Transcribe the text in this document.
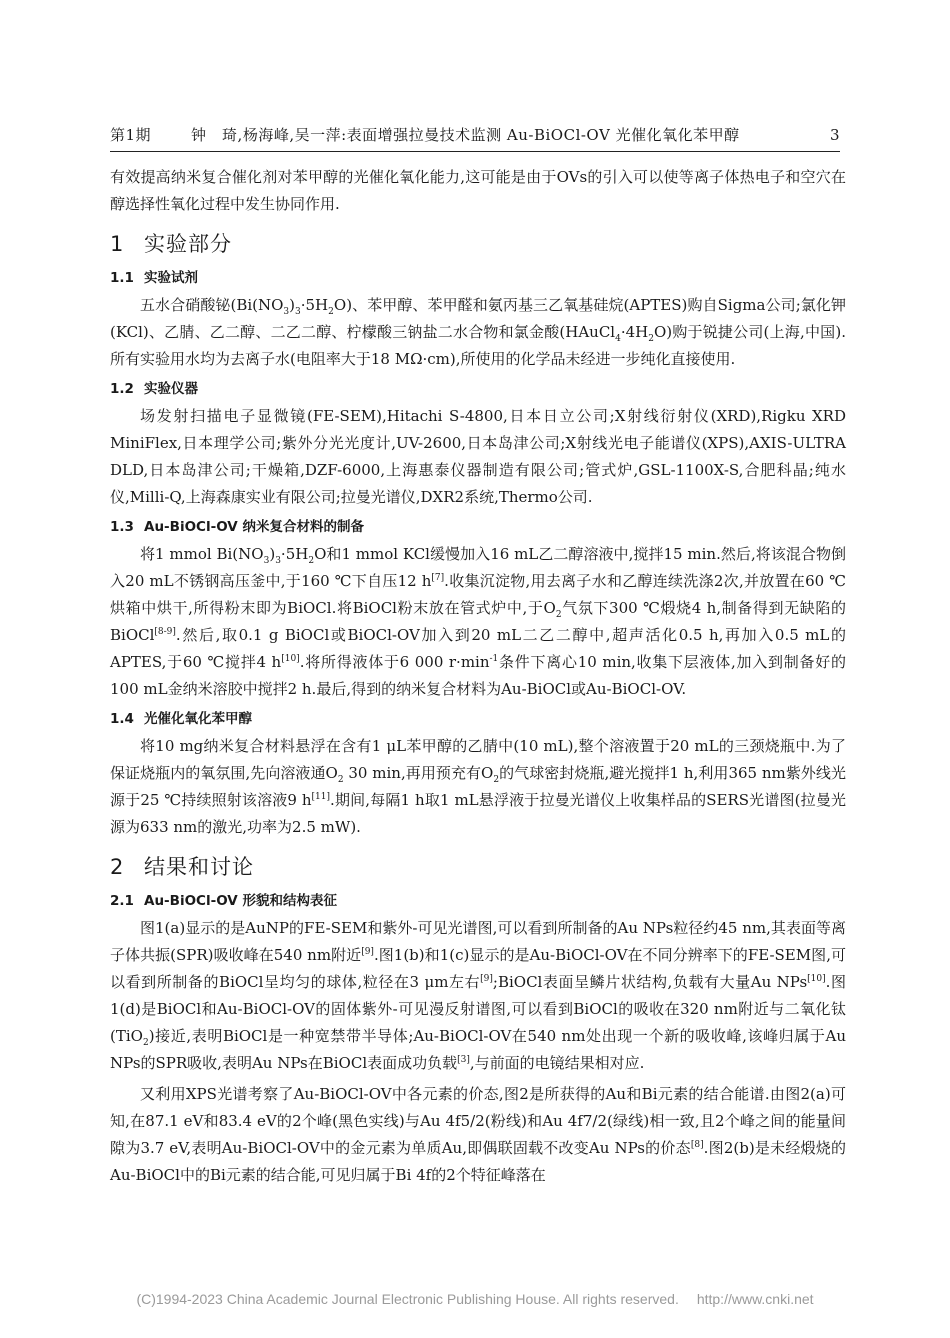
第1期	钟　琦,杨海峰,吴一萍:表面增强拉曼技术监测 Au-BiOCl-OV 光催化氧化苯甲醇	3

有效提高纳米复合催化剂对苯甲醇的光催化氧化能力,这可能是由于OVs的引入可以使等离子体热电子和空穴在醇选择性氧化过程中发生协同作用.

1 实验部分
1.1 实验试剂

五水合硝酸铋$(Bi(NO_3)_3\cdot 5H_2O)$、苯甲醇、苯甲醛和氨丙基三乙氧基硅烷(APTES)购自Sigma公司;氯化钾(KCl)、乙腈、乙二醇、二乙二醇、柠檬酸三钠盐二水合物和氯金酸$(HAuCl_4\cdot 4H_2O)$购于锐捷公司(上海,中国).所有实验用水均为去离子水(电阻率大于18 MΩ·cm),所使用的化学品未经进一步纯化直接使用.

1.2 实验仪器

场发射扫描电子显微镜(FE-SEM),Hitachi S-4800,日本日立公司;X射线衍射仪(XRD),Rigku XRD MiniFlex,日本理学公司;紫外分光光度计,UV-2600,日本岛津公司;X射线光电子能谱仪(XPS),AXIS-ULTRA DLD,日本岛津公司;干燥箱,DZF-6000,上海惠泰仪器制造有限公司;管式炉,GSL-1100X-S,合肥科晶;纯水仪,Milli-Q,上海森康实业有限公司;拉曼光谱仪,DXR2系统,Thermo公司.

1.3 Au-BiOCl-OV 纳米复合材料的制备

将1 mmol $Bi(NO_3)_3\cdot 5H_2O$和1 mmol KCl缓慢加入16 mL乙二醇溶液中,搅拌15 min.然后,将该混合物倒入20 mL不锈钢高压釜中,于160 ℃下自压12 h[7].收集沉淀物,用去离子水和乙醇连续洗涤2次,并放置在60 ℃烘箱中烘干,所得粉末即为BiOCl.将BiOCl粉末放在管式炉中,于$O_2$气氛下300 ℃煅烧4 h,制备得到无缺陷的BiOCl[8-9].然后,取0.1 g BiOCl或BiOCl-OV加入到20 mL二乙二醇中,超声活化0.5 h,再加入0.5 mL的APTES,于60 ℃搅拌4 h[10].将所得液体于6 000 $r\cdot\min^{-1}$条件下离心10 min,收集下层液体,加入到制备好的100 mL金纳米溶胶中搅拌2 h.最后,得到的纳米复合材料为Au-BiOCl或Au-BiOCl-OV.

1.4 光催化氧化苯甲醇

将10 mg纳米复合材料悬浮在含有1 μL苯甲醇的乙腈中(10 mL),整个溶液置于20 mL的三颈烧瓶中.为了保证烧瓶内的氧氛围,先向溶液通$O_2$ 30 min,再用预充有$O_2$的气球密封烧瓶,避光搅拌1 h,利用365 nm紫外线光源于25 ℃持续照射该溶液9 h[11].期间,每隔1 h取1 mL悬浮液于拉曼光谱仪上收集样品的SERS光谱图(拉曼光源为633 nm的激光,功率为2.5 mW).

2 结果和讨论
2.1 Au-BiOCl-OV 形貌和结构表征

图1(a)显示的是AuNP的FE-SEM和紫外-可见光谱图,可以看到所制备的Au NPs粒径约45 nm,其表面等离子体共振(SPR)吸收峰在540 nm附近[9].图1(b)和1(c)显示的是Au-BiOCl-OV在不同分辨率下的FE-SEM图,可以看到所制备的BiOCl呈均匀的球体,粒径在3 μm左右[9];BiOCl表面呈鳞片状结构,负载有大量Au NPs[10].图1(d)是BiOCl和Au-BiOCl-OV的固体紫外-可见漫反射谱图,可以看到BiOCl的吸收在320 nm附近与二氧化钛(TiO$_2$)接近,表明BiOCl是一种宽禁带半导体;Au-BiOCl-OV在540 nm处出现一个新的吸收峰,该峰归属于Au NPs的SPR吸收,表明Au NPs在BiOCl表面成功负载[3],与前面的电镜结果相对应.

又利用XPS光谱考察了Au-BiOCl-OV中各元素的价态,图2是所获得的Au和Bi元素的结合能谱.由图2(a)可知,在87.1 eV和83.4 eV的2个峰(黑色实线)与Au 4f5/2(粉线)和Au 4f7/2(绿线)相一致,且2个峰之间的能量间隙为3.7 eV,表明Au-BiOCl-OV中的金元素为单质Au,即偶联固载不改变Au NPs的价态[8].图2(b)是未经煅烧的Au-BiOCl中的Bi元素的结合能,可见归属于Bi 4f的2个特征峰落在

(C)1994-2023 China Academic Journal Electronic Publishing House. All rights reserved. http://www.cnki.net
